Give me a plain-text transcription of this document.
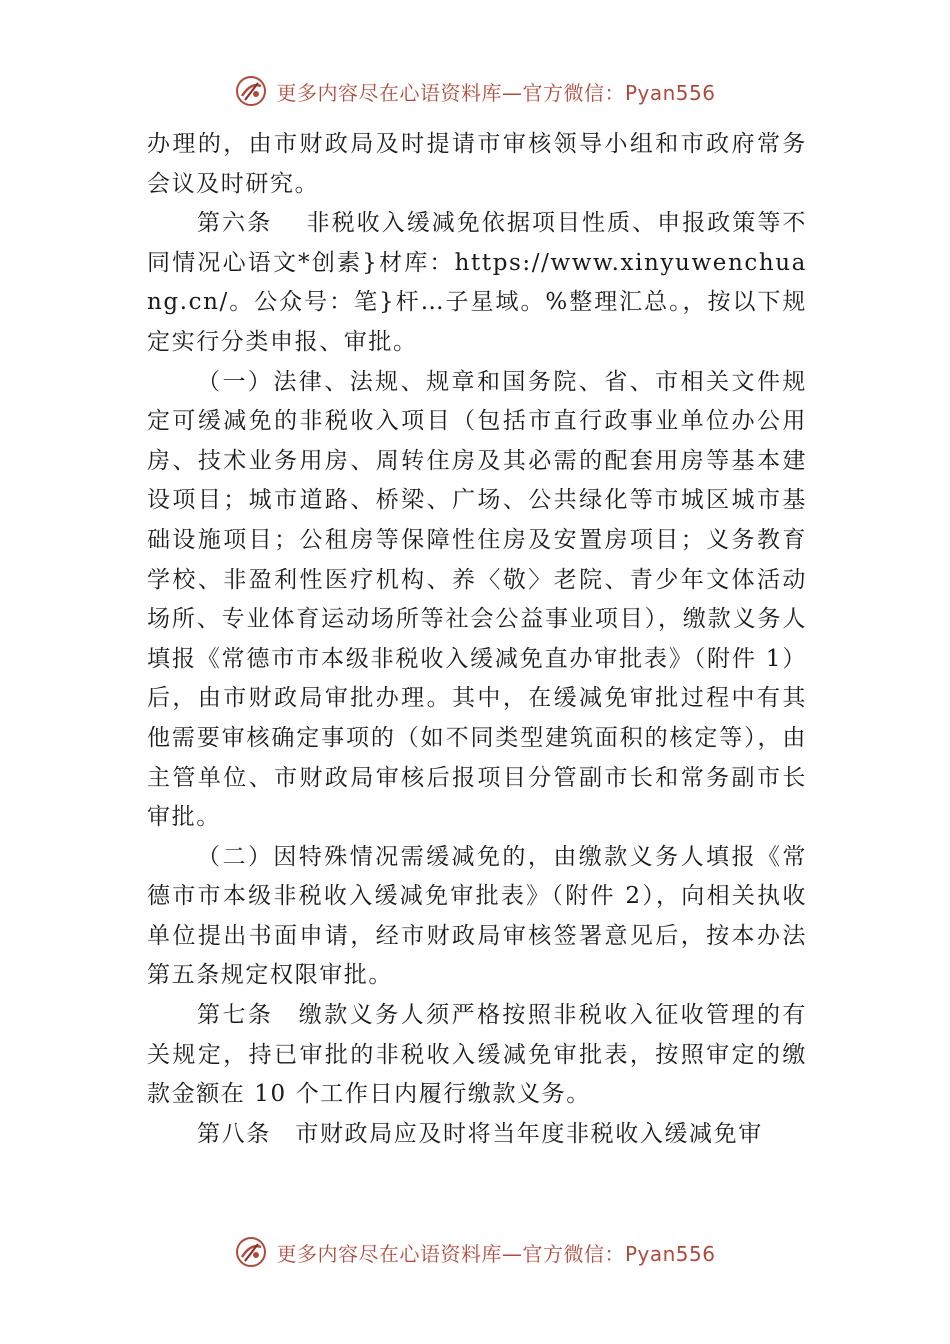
更多内容尽在心语资料库—官方微信：Pyan556

办理的，由市财政局及时提请市审核领导小组和市政府常务会议及时研究。

第六条　 非税收入缓减免依据项目性质、申报政策等不同情况心语文*创素}材库：https://www.xinyuwenchuang.cn/。公众号：笔}杆…子星域。%整理汇总。，按以下规定实行分类申报、审批。

（一）法律、法规、规章和国务院、省、市相关文件规定可缓减免的非税收入项目（包括市直行政事业单位办公用房、技术业务用房、周转住房及其必需的配套用房等基本建设项目；城市道路、桥梁、广场、公共绿化等市城区城市基础设施项目；公租房等保障性住房及安置房项目；义务教育学校、非盈利性医疗机构、养〈敬〉老院、青少年文体活动场所、专业体育运动场所等社会公益事业项目），缴款义务人填报《常德市市本级非税收入缓减免直办审批表》（附件 1）后，由市财政局审批办理。其中，在缓减免审批过程中有其他需要审核确定事项的（如不同类型建筑面积的核定等），由主管单位、市财政局审核后报项目分管副市长和常务副市长审批。

（二）因特殊情况需缓减免的，由缴款义务人填报《常德市市本级非税收入缓减免审批表》（附件 2），向相关执收单位提出书面申请，经市财政局审核签署意见后，按本办法第五条规定权限审批。

第七条　缴款义务人须严格按照非税收入征收管理的有关规定，持已审批的非税收入缓减免审批表，按照审定的缴款金额在 10 个工作日内履行缴款义务。

第八条　市财政局应及时将当年度非税收入缓减免审

更多内容尽在心语资料库—官方微信：Pyan556
